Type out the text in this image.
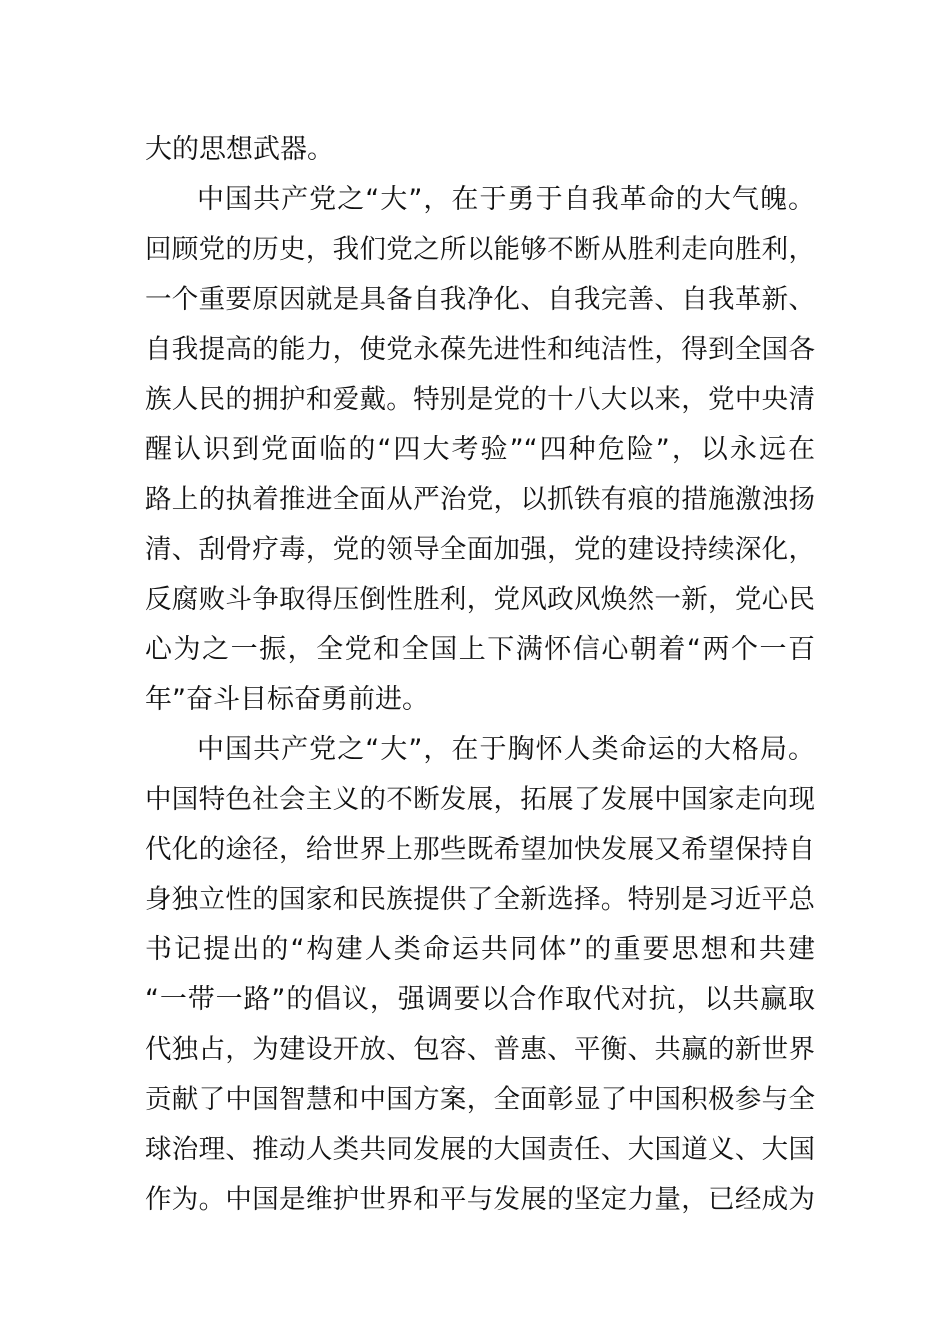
大的思想武器。
中国共产党之“大”，在于勇于自我革命的大气魄。
回顾党的历史，我们党之所以能够不断从胜利走向胜利，
一个重要原因就是具备自我净化、自我完善、自我革新、
自我提高的能力，使党永葆先进性和纯洁性，得到全国各
族人民的拥护和爱戴。特别是党的十八大以来，党中央清
醒认识到党面临的“四大考验”“四种危险”，以永远在
路上的执着推进全面从严治党，以抓铁有痕的措施激浊扬
清、刮骨疗毒，党的领导全面加强，党的建设持续深化，
反腐败斗争取得压倒性胜利，党风政风焕然一新，党心民
心为之一振，全党和全国上下满怀信心朝着“两个一百
年”奋斗目标奋勇前进。
中国共产党之“大”，在于胸怀人类命运的大格局。
中国特色社会主义的不断发展，拓展了发展中国家走向现
代化的途径，给世界上那些既希望加快发展又希望保持自
身独立性的国家和民族提供了全新选择。特别是习近平总
书记提出的“构建人类命运共同体”的重要思想和共建
“一带一路”的倡议，强调要以合作取代对抗，以共赢取
代独占，为建设开放、包容、普惠、平衡、共赢的新世界
贡献了中国智慧和中国方案，全面彰显了中国积极参与全
球治理、推动人类共同发展的大国责任、大国道义、大国
作为。中国是维护世界和平与发展的坚定力量，已经成为
